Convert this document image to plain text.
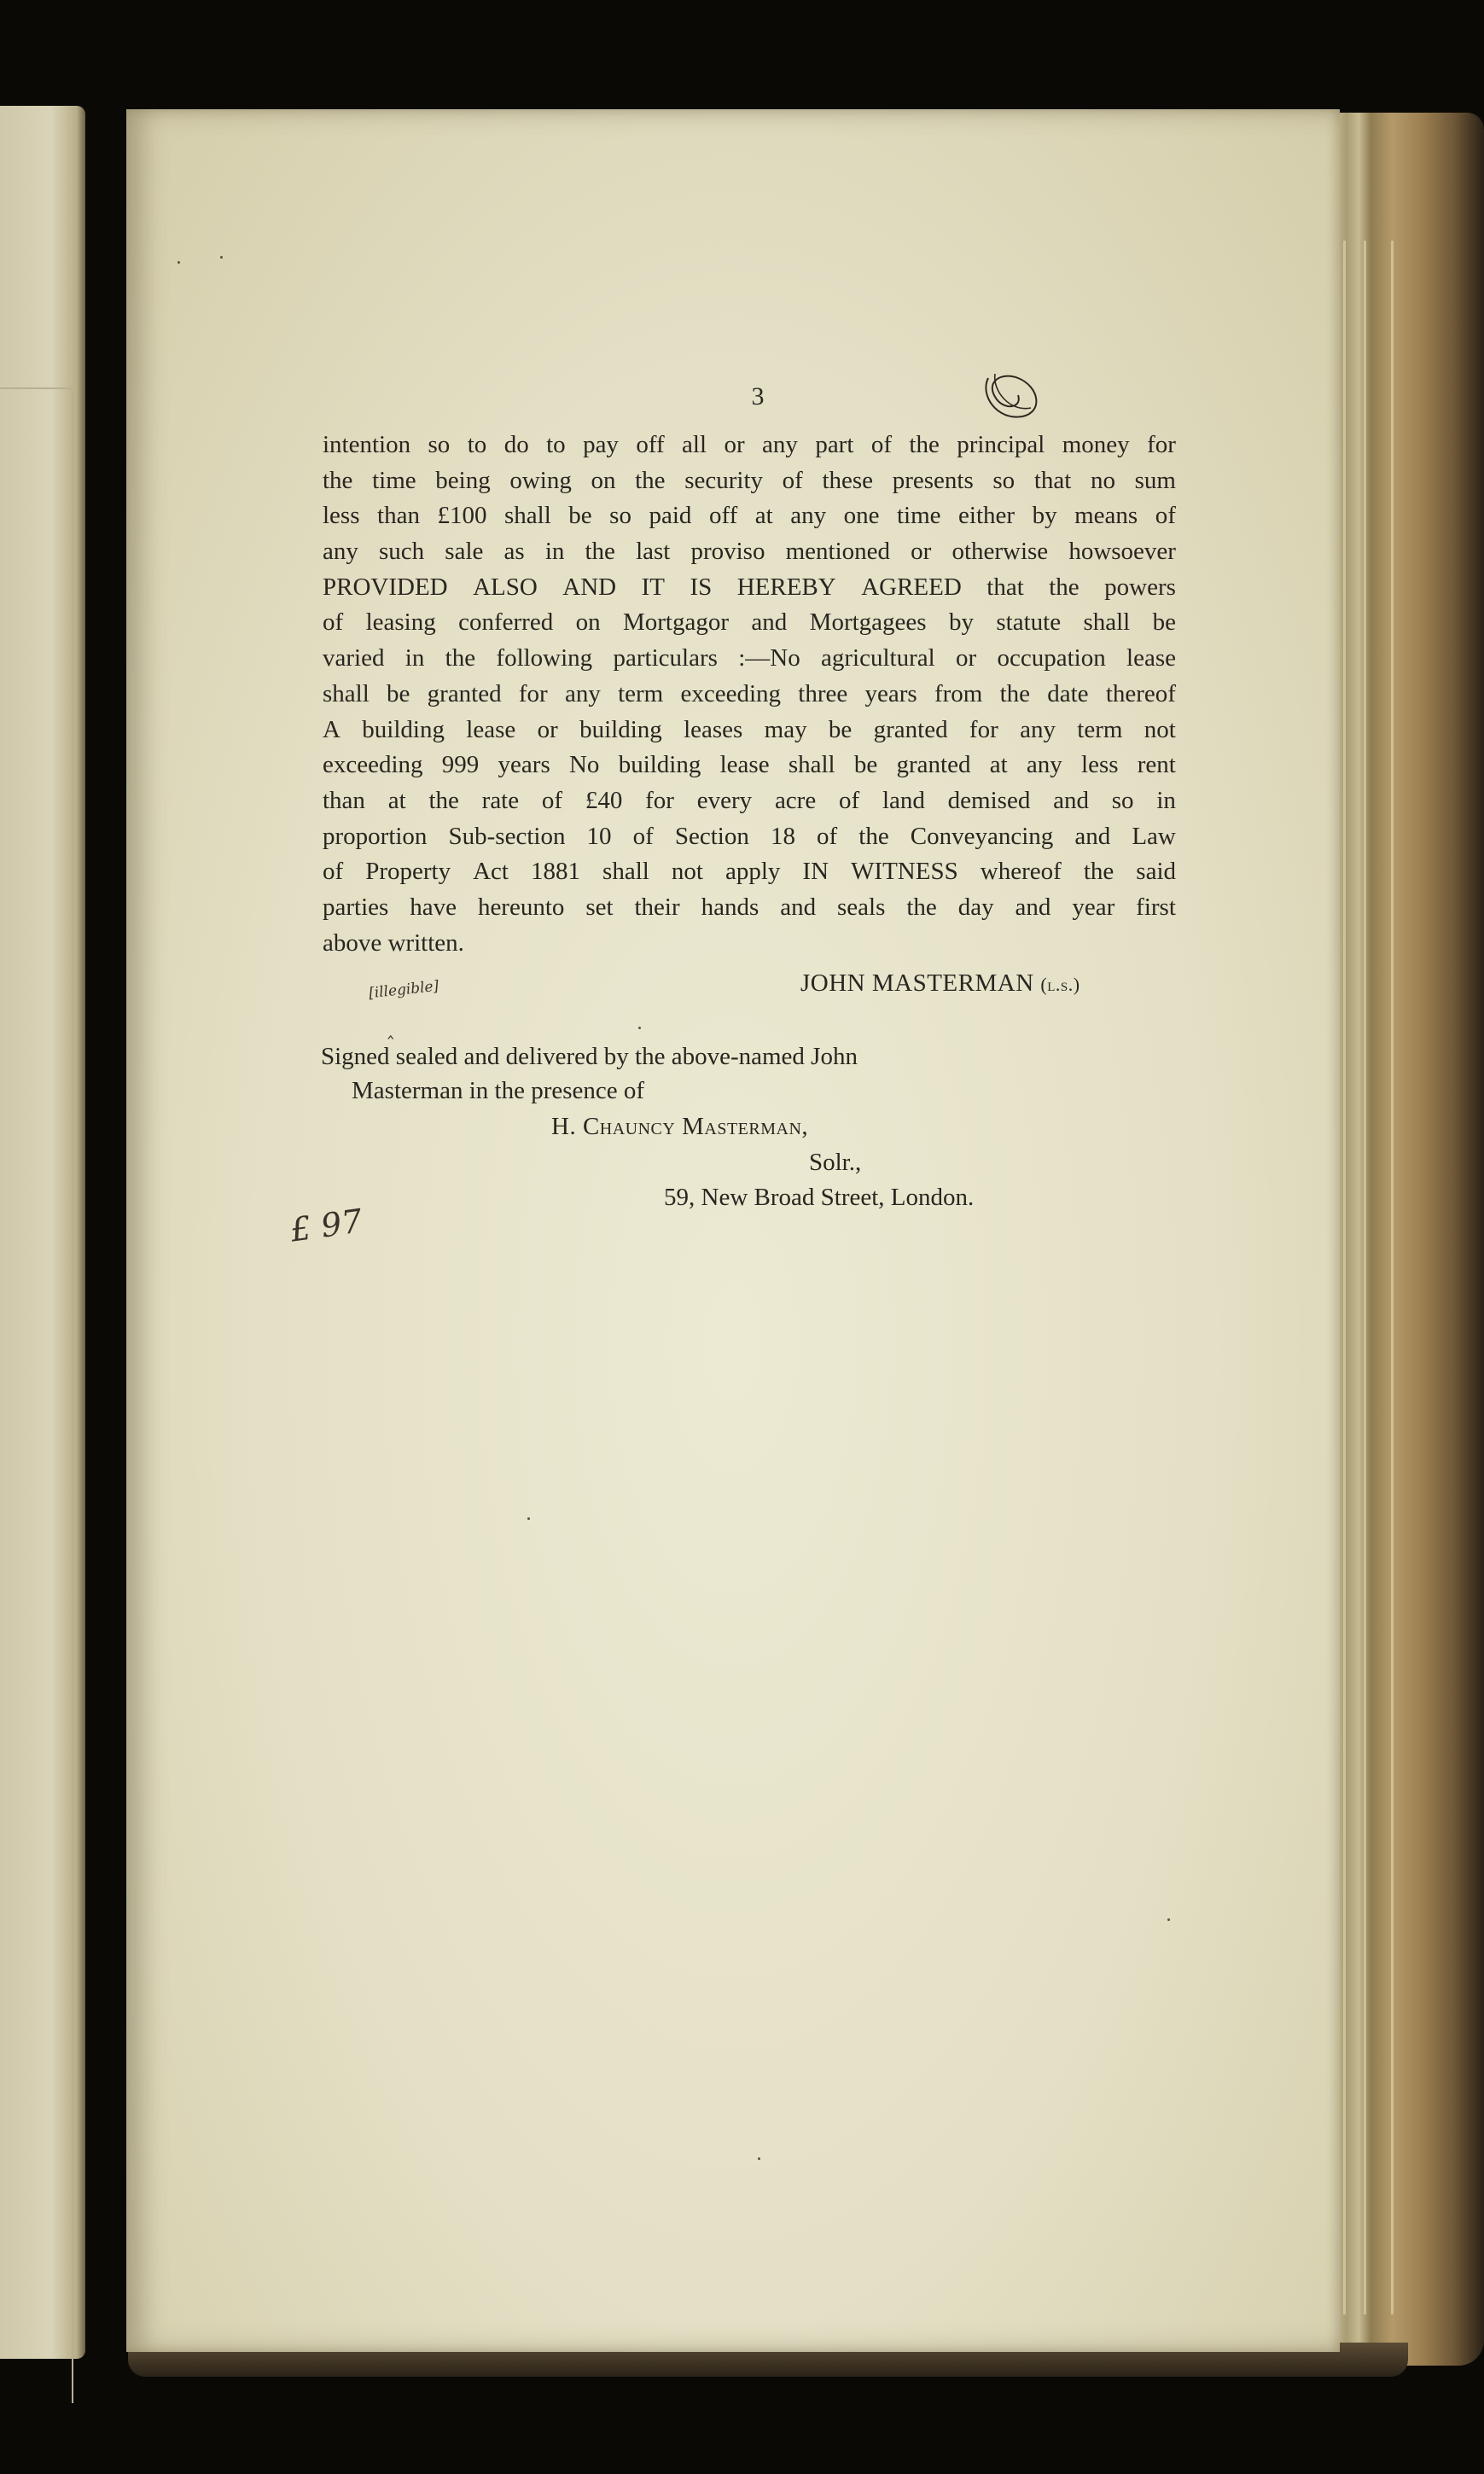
3
intention so to do to pay off all or any part of the principal money for
the time being owing on the security of these presents so that no sum
less than £100 shall be so paid off at any one time either by means of
any such sale as in the last proviso mentioned or otherwise howsoever
PROVIDED ALSO AND IT IS HEREBY AGREED that the powers
of leasing conferred on Mortgagor and Mortgagees by statute shall be
varied in the following particulars :—No agricultural or occupation lease
shall be granted for any term exceeding three years from the date thereof
A building lease or building leases may be granted for any term not
exceeding 999 years No building lease shall be granted at any less rent
than at the rate of £40 for every acre of land demised and so in
proportion Sub-section 10 of Section 18 of the Conveyancing and Law
of Property Act 1881 shall not apply IN WITNESS whereof the said
parties have hereunto set their hands and seals the day and year first
above written.
[illegible]
‸
JOHN MASTERMAN (l.s.)
Signed sealed and delivered by the above-named John
Masterman in the presence of
H. Chauncy Masterman,
Solr.,
59, New Broad Street, London.
£ 97
